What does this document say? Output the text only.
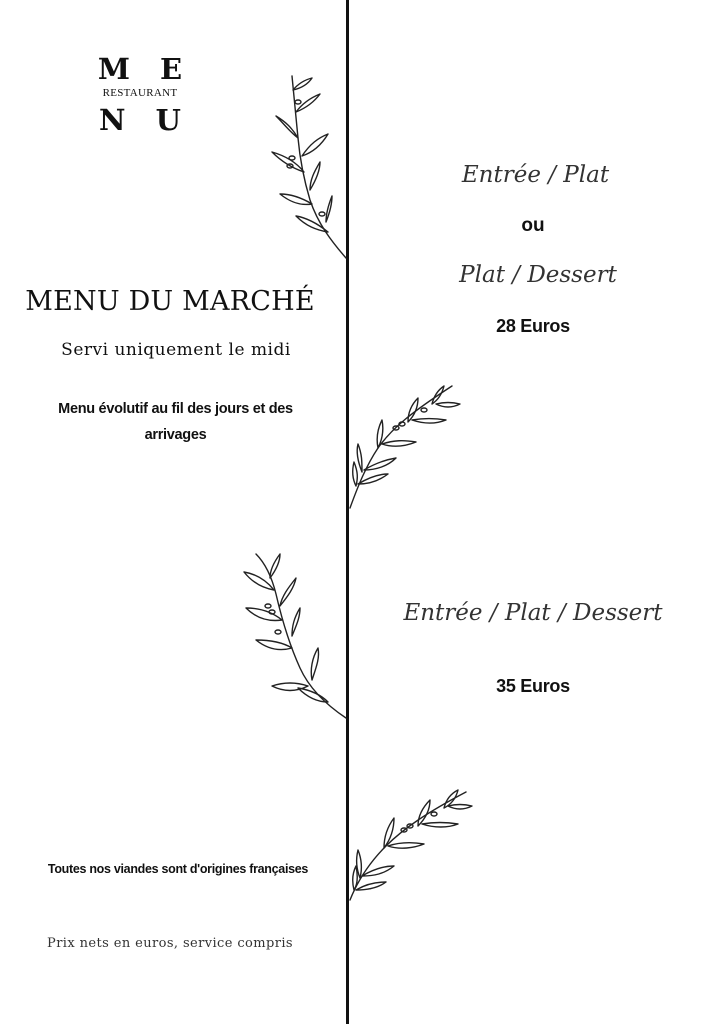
M E
RESTAURANT
N U
MENU DU MARCHÉ
Servi uniquement le midi
Menu évolutif au fil des jours et des arrivages
Toutes nos viandes sont d'origines françaises
Prix nets en euros, service compris
Entrée / Plat
ou
Plat / Dessert
28 Euros
Entrée / Plat / Dessert
35 Euros
